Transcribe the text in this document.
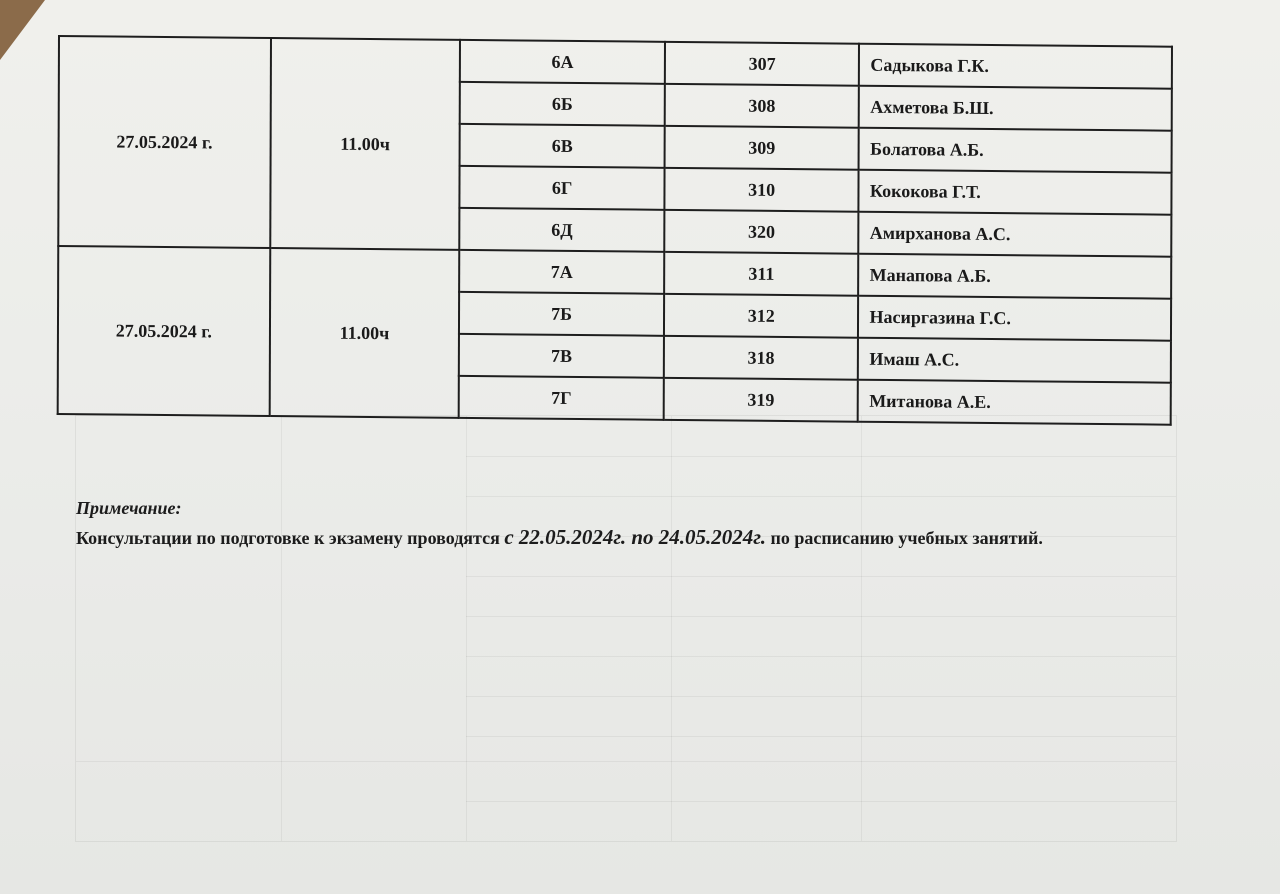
27.05.2024 г.	11.00ч	6А	307	Садыкова Г.К.
		6Б	308	Ахметова Б.Ш.
		6В	309	Болатова А.Б.
		6Г	310	Кококова Г.Т.
		6Д	320	Амирханова А.С.
27.05.2024 г.	11.00ч	7А	311	Манапова А.Б.
		7Б	312	Насиргазина Г.С.
		7В	318	Имаш А.С.
		7Г	319	Митанова А.Е.
Примечание:
Консультации по подготовке к экзамену проводятся с 22.05.2024г. по 24.05.2024г. по расписанию учебных занятий.
